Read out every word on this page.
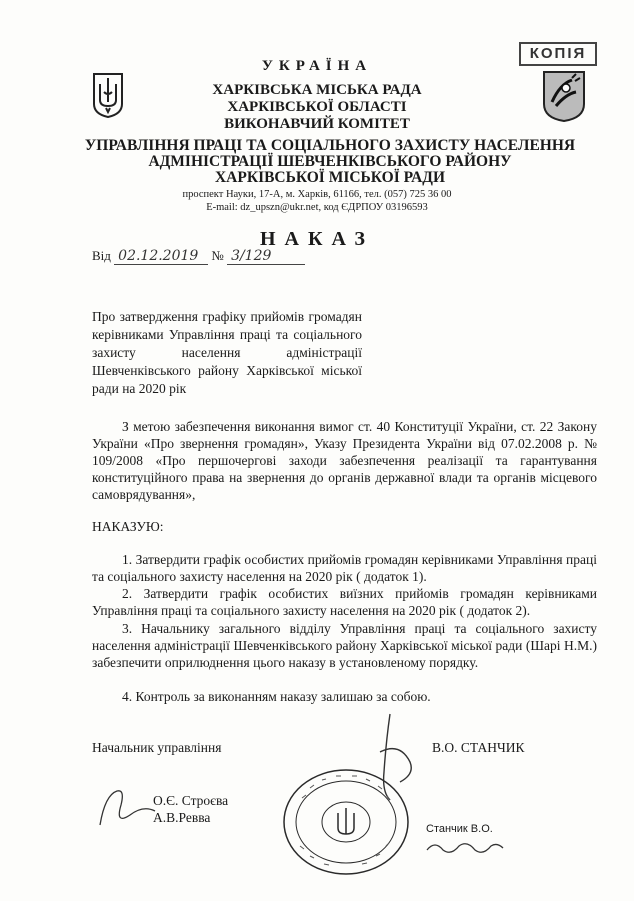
КОПІЯ
УКРАЇНА
ХАРКІВСЬКА МІСЬКА РАДА
ХАРКІВСЬКОЇ ОБЛАСТІ
ВИКОНАВЧИЙ КОМІТЕТ
УПРАВЛІННЯ ПРАЦІ ТА СОЦІАЛЬНОГО ЗАХИСТУ НАСЕЛЕННЯ
АДМІНІСТРАЦІЇ ШЕВЧЕНКІВСЬКОГО РАЙОНУ
ХАРКІВСЬКОЇ МІСЬКОЇ РАДИ
проспект Науки, 17-А, м. Харків, 61166, тел. (057) 725 36 00
E-mail: dz_upszn@ukr.net, код ЄДРПОУ 03196593
НАКАЗ
Від 02.12.2019 № 3/129
Про затвердження графіку прийомів громадян керівниками Управління праці та соціального захисту населення адміністрації Шевченківського району Харківської міської ради на 2020 рік
З метою забезпечення виконання вимог ст. 40 Конституції України, ст. 22 Закону України «Про звернення громадян», Указу Президента України від 07.02.2008 р. № 109/2008 «Про першочергові заходи забезпечення реалізації та гарантування конституційного права на звернення до органів державної влади та органів місцевого самоврядування»,
НАКАЗУЮ:
1. Затвердити графік особистих прийомів громадян керівниками Управління праці та соціального захисту населення на 2020 рік ( додаток 1).
2. Затвердити графік особистих виїзних прийомів громадян керівниками Управління праці та соціального захисту населення на 2020 рік ( додаток 2).
3. Начальнику загального відділу Управління праці та соціального захисту населення адміністрації Шевченківського району Харківської міської ради (Шарі Н.М.) забезпечити оприлюднення цього наказу в установленому порядку.
4. Контроль за виконанням наказу залишаю за собою.
Начальник управління	В.О. СТАНЧИК
О.Є. Строєва
А.В.Ревва
Станчик В.О.
